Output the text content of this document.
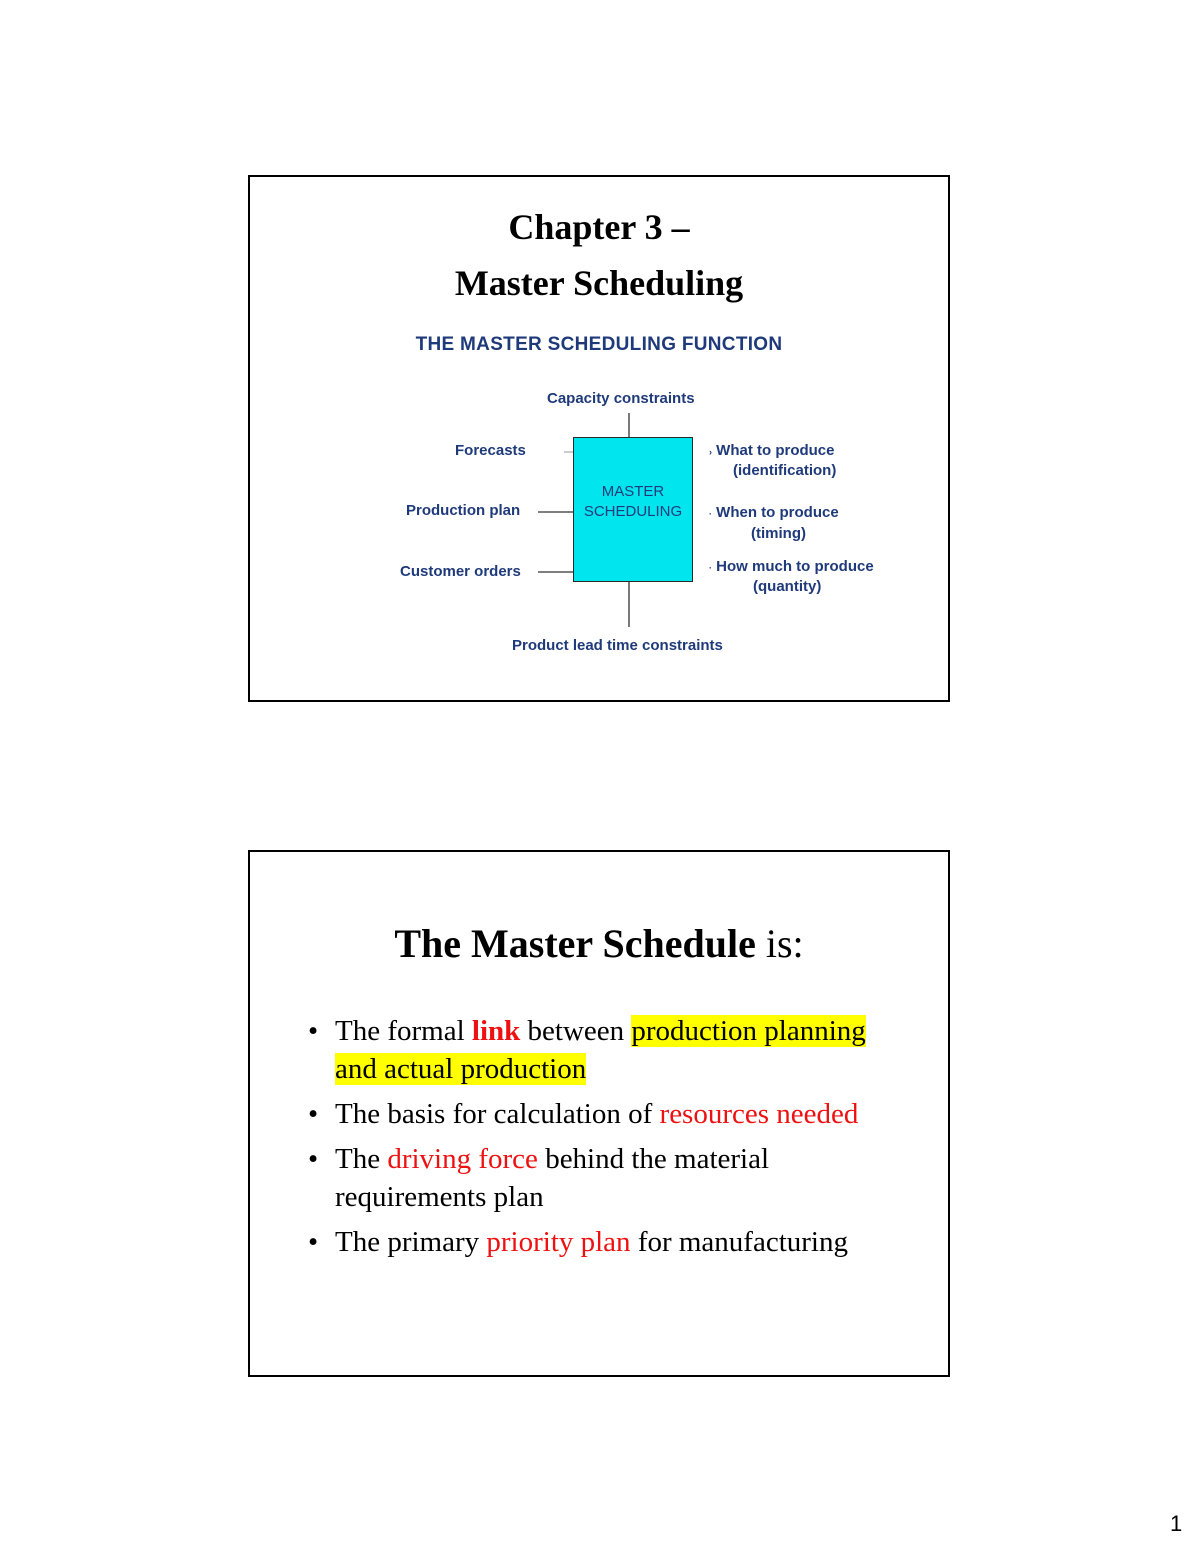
Chapter 3 –
Master Scheduling
THE MASTER SCHEDULING FUNCTION
Capacity constraints
Forecasts
Production plan
Customer orders
MASTER
SCHEDULING
› What to produce
(identification)
· When to produce
(timing)
· How much to produce
(quantity)
Product lead time constraints
The Master Schedule is:
• The formal link between production planning
and actual production
• The basis for calculation of resources needed
• The driving force behind the material
requirements plan
• The primary priority plan for manufacturing
1
